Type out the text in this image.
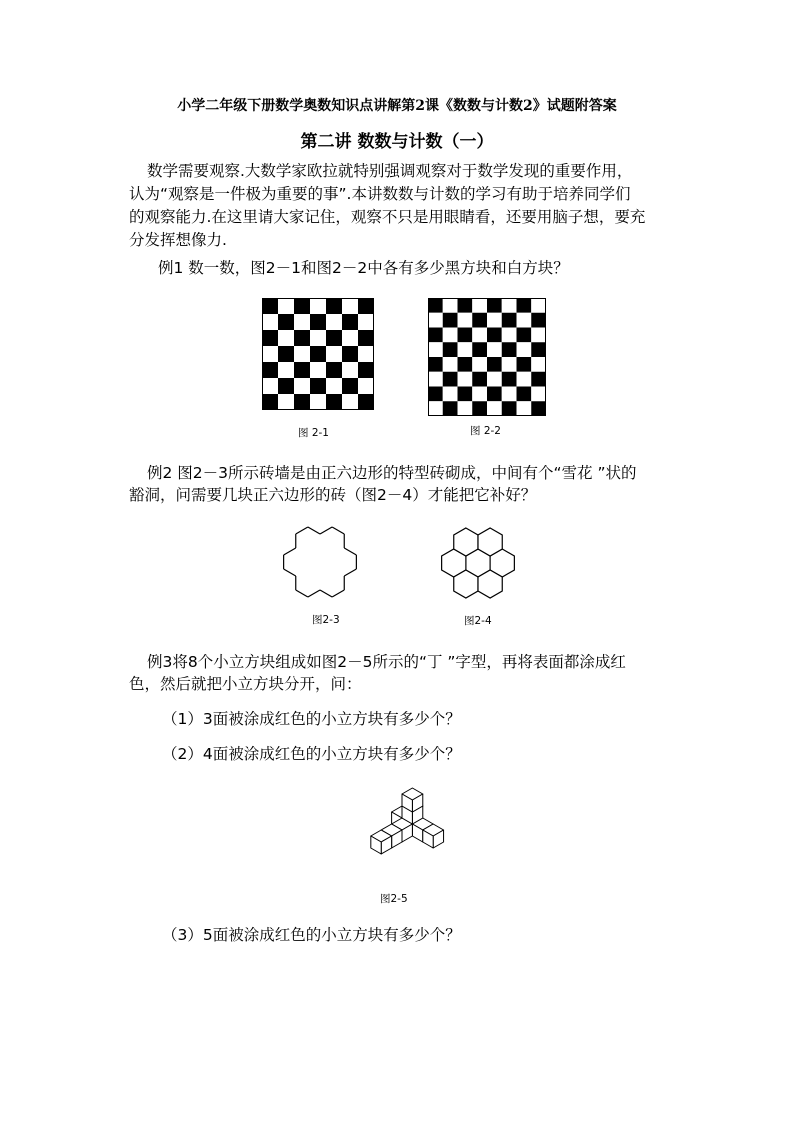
小学二年级下册数学奥数知识点讲解第2课《数数与计数2》试题附答案
第二讲 数数与计数（一）
数学需要观察.大数学家欧拉就特别强调观察对于数学发现的重要作用，
认为“观察是一件极为重要的事”.本讲数数与计数的学习有助于培养同学们
的观察能力.在这里请大家记住，观察不只是用眼睛看，还要用脑子想，要充
分发挥想像力.
例1 数一数，图2－1和图2－2中各有多少黑方块和白方块？
图 2-1	图 2-2
例2 图2－3所示砖墙是由正六边形的特型砖砌成，中间有个“雪花 ”状的
豁洞，问需要几块正六边形的砖（图2－4）才能把它补好？
图2-3	图2-4
例3将8个小立方块组成如图2－5所示的“丁 ”字型，再将表面都涂成红
色，然后就把小立方块分开，问：
（1）3面被涂成红色的小立方块有多少个？
（2）4面被涂成红色的小立方块有多少个？
图2-5
（3）5面被涂成红色的小立方块有多少个？
